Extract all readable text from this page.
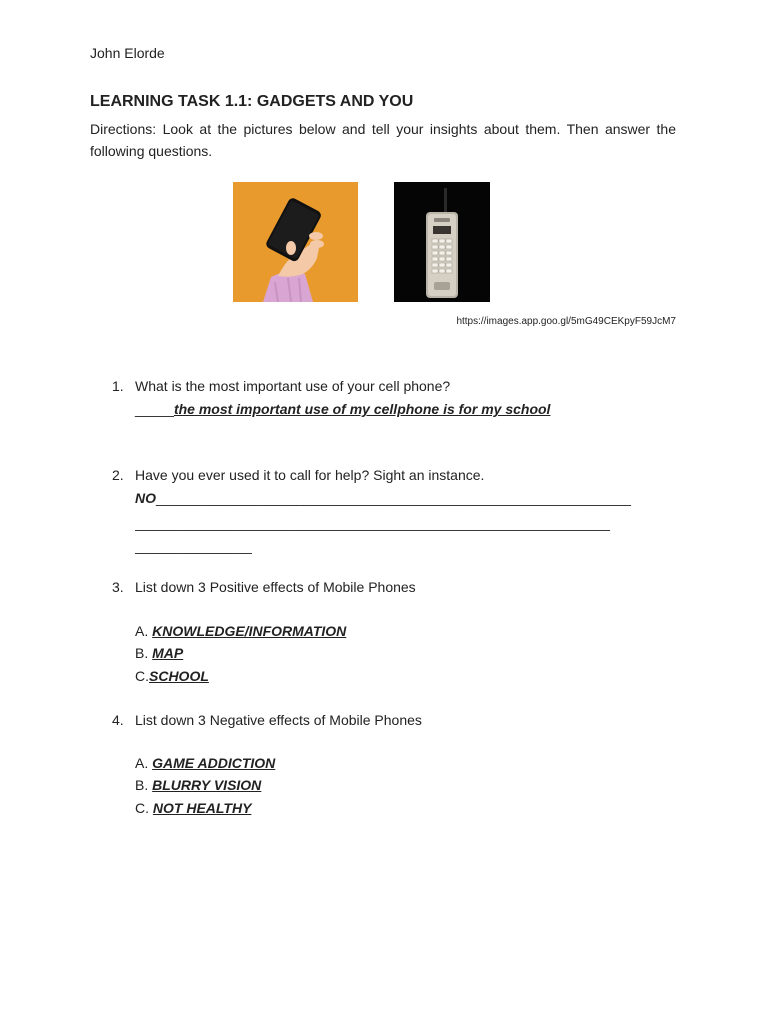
John Elorde
LEARNING TASK 1.1: GADGETS AND YOU

Directions: Look at the pictures below and tell your insights about them. Then answer the following questions.

https://images.app.goo.gl/5mG49CEKpyF59JcM7
1. What is the most important use of your cell phone?
_____the most important use of my cellphone is for my school
2. Have you ever used it to call for help? Sight an instance.
NO_____________________________________________________________
_____________________________________________________________
_______________
3. List down 3 Positive effects of Mobile Phones
A. KNOWLEDGE/INFORMATION
B. MAP
C.SCHOOL
4. List down 3 Negative effects of Mobile Phones
A. GAME ADDICTION
B. BLURRY VISION
C. NOT HEALTHY
